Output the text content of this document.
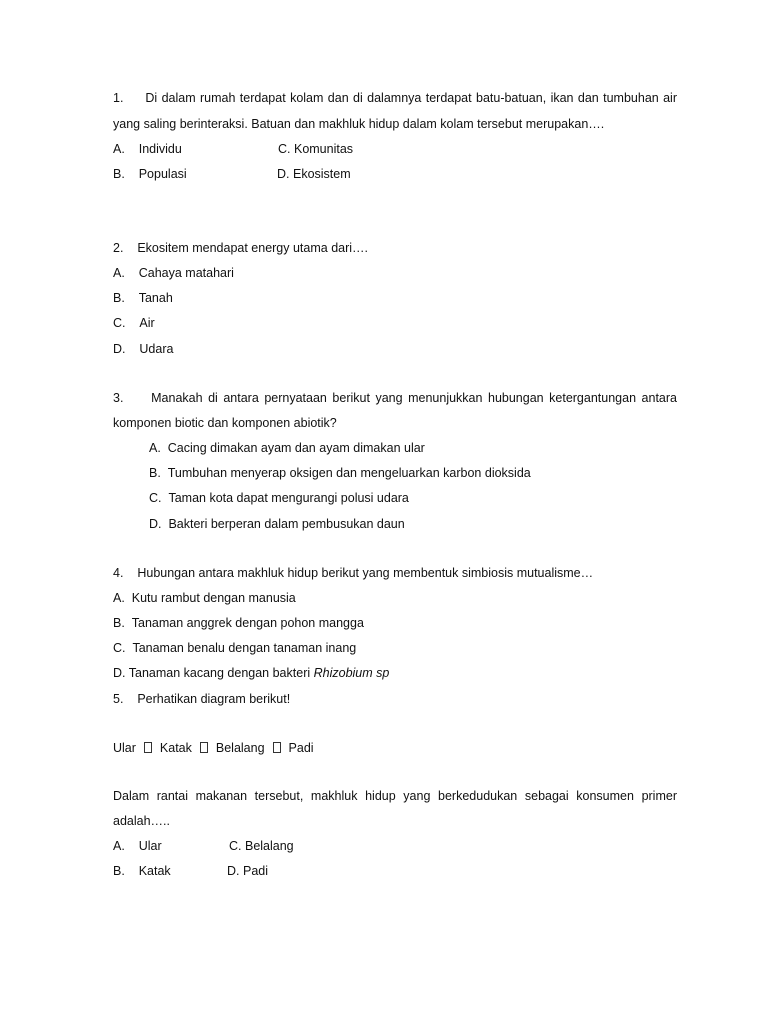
1. Di dalam rumah terdapat kolam dan di dalamnya terdapat batu-batuan, ikan dan tumbuhan air
yang saling berinteraksi. Batuan dan makhluk hidup dalam kolam tersebut merupakan….
A. Individu	C. Komunitas
B. Populasi	D. Ekosistem
2. Ekositem mendapat energy utama dari….
A. Cahaya matahari
B. Tanah
C. Air
D. Udara
3. Manakah di antara pernyataan berikut yang menunjukkan hubungan ketergantungan antara
komponen biotic dan komponen abiotik?
A. Cacing dimakan ayam dan ayam dimakan ular
B. Tumbuhan menyerap oksigen dan mengeluarkan karbon dioksida
C. Taman kota dapat mengurangi polusi udara
D. Bakteri berperan dalam pembusukan daun
4. Hubungan antara makhluk hidup berikut yang membentuk simbiosis mutualisme…
A. Kutu rambut dengan manusia
B. Tanaman anggrek dengan pohon mangga
C. Tanaman benalu dengan tanaman inang
D. Tanaman kacang dengan bakteri Rhizobium sp
5. Perhatikan diagram berikut!
Ular Katak Belalang Padi
Dalam rantai makanan tersebut, makhluk hidup yang berkedudukan sebagai konsumen primer
adalah…..
A. Ular	C. Belalang
B. Katak	D. Padi
